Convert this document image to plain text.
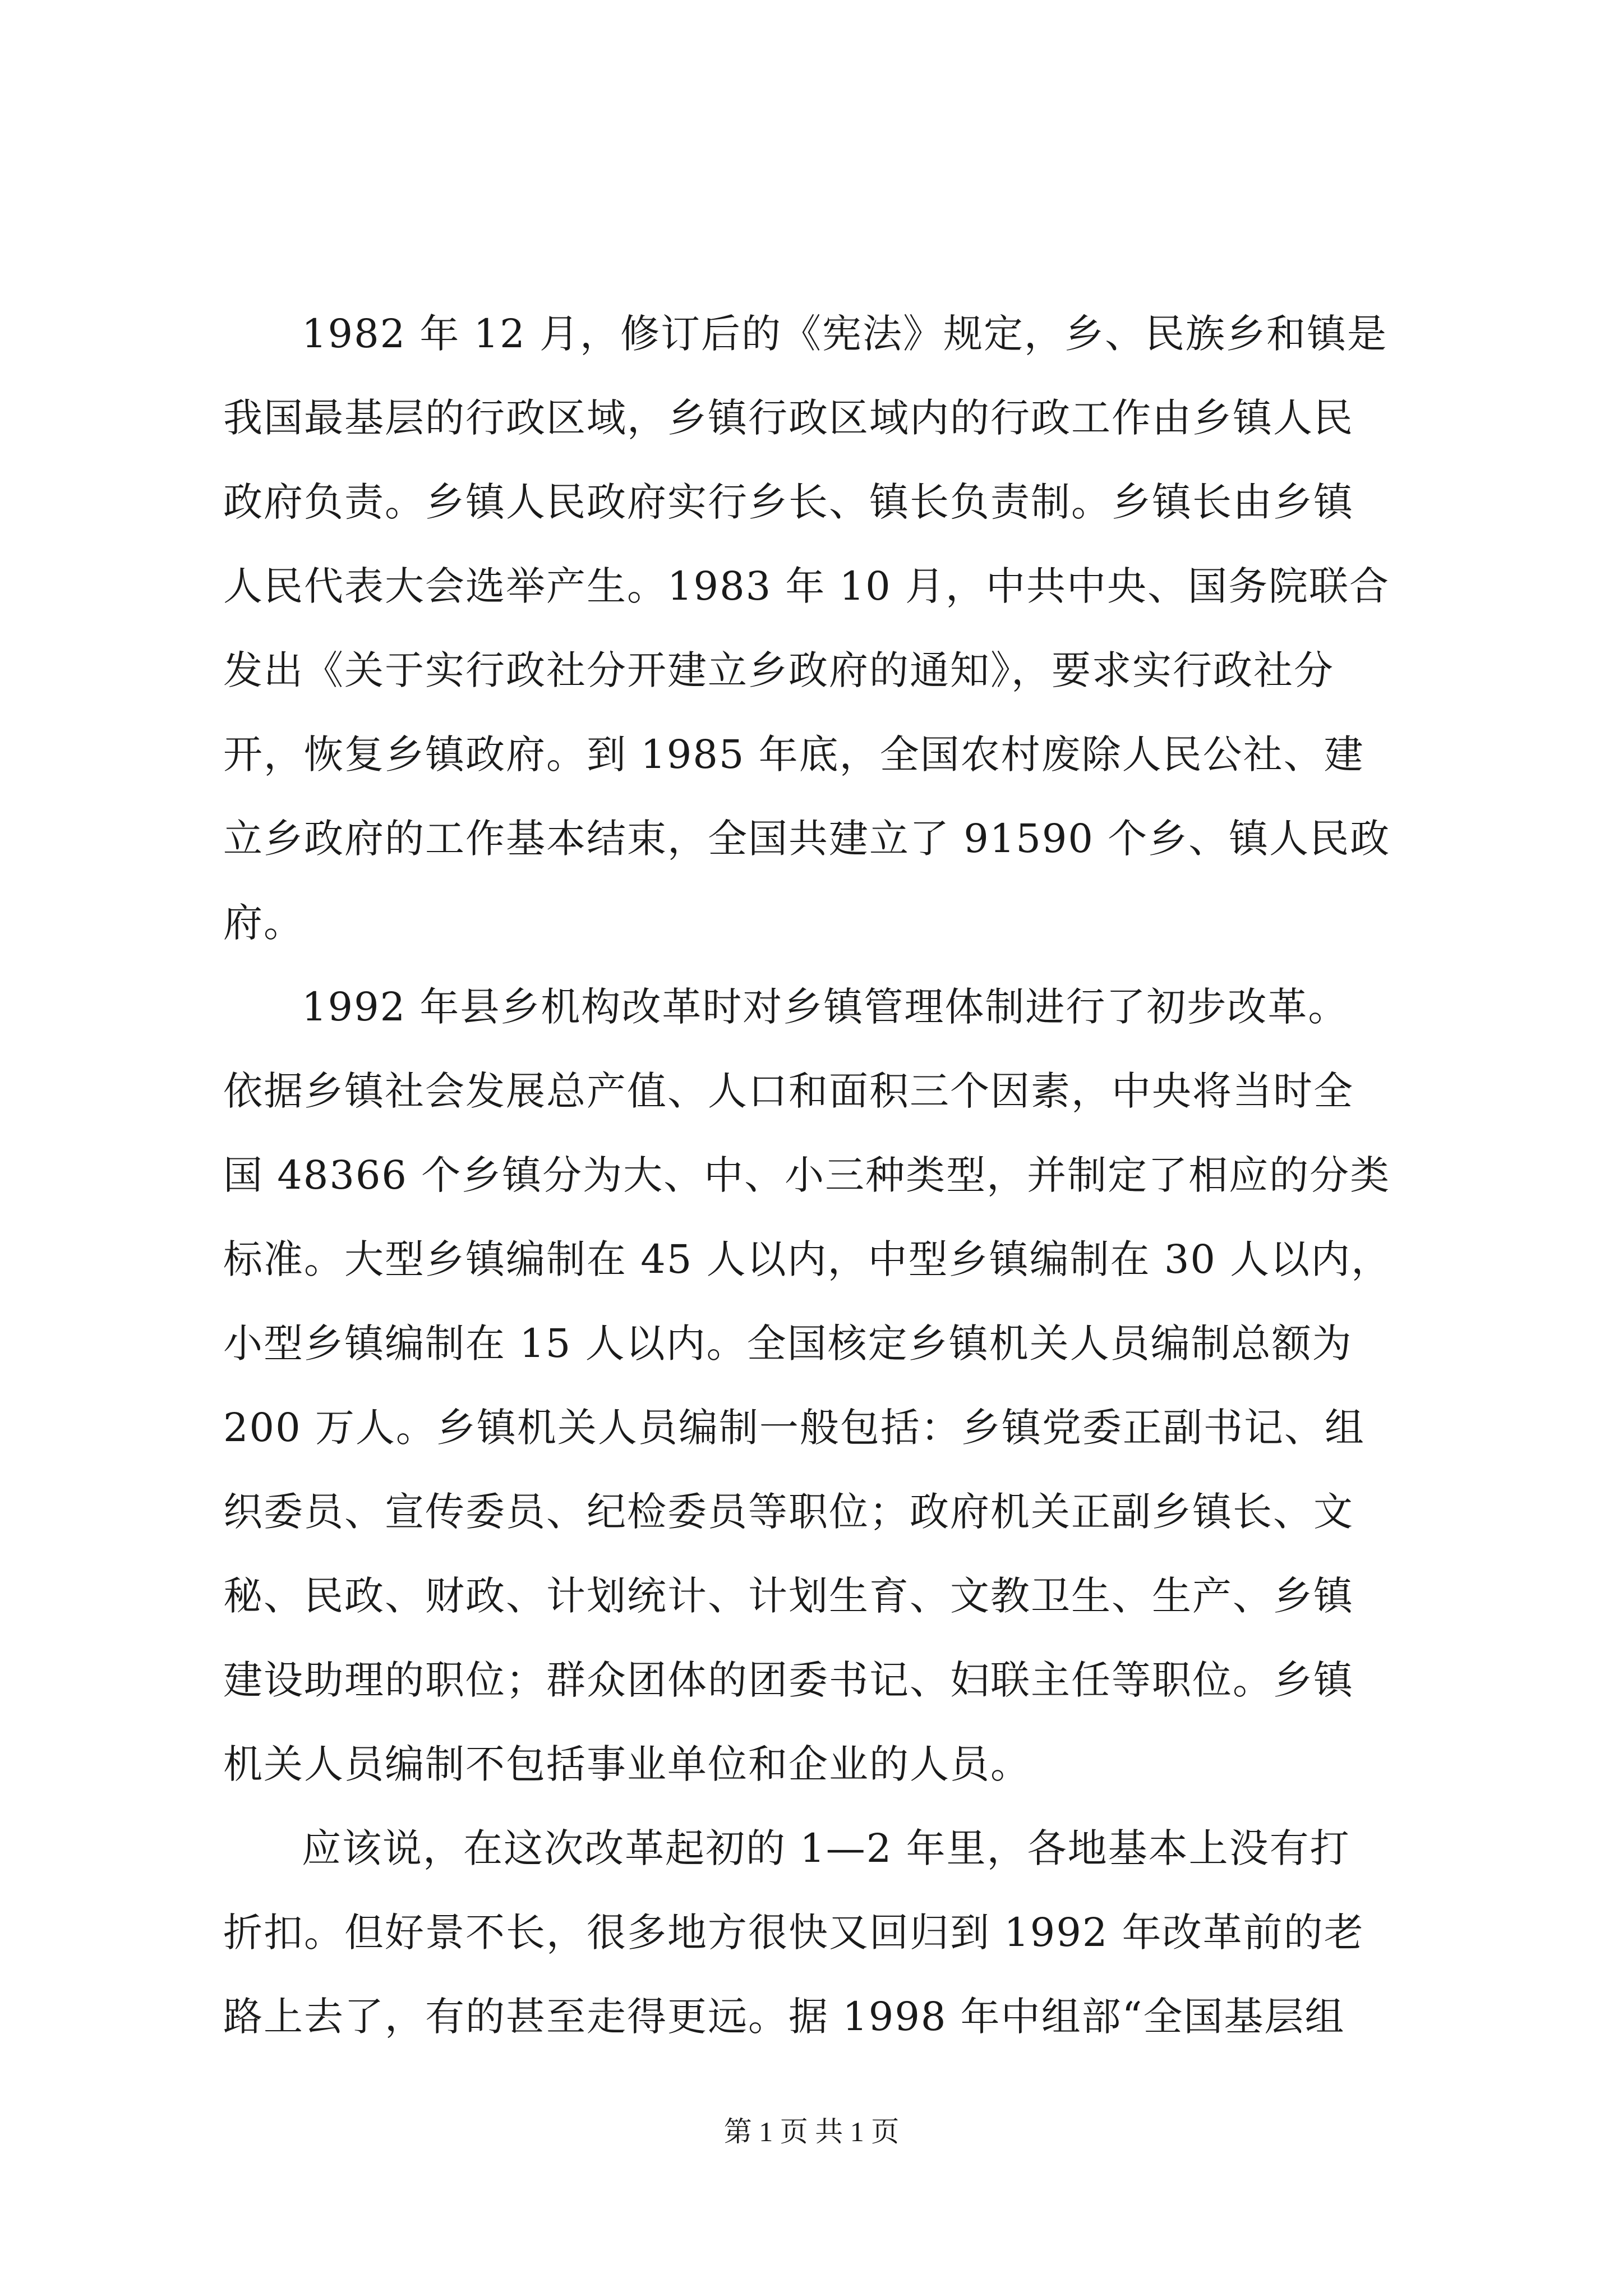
1982 年 12 月，修订后的《宪法》规定，乡、民族乡和镇是
我国最基层的行政区域，乡镇行政区域内的行政工作由乡镇人民
政府负责。乡镇人民政府实行乡长、镇长负责制。乡镇长由乡镇
人民代表大会选举产生。1983 年 10 月，中共中央、国务院联合
发出《关于实行政社分开建立乡政府的通知》，要求实行政社分
开，恢复乡镇政府。到 1985 年底，全国农村废除人民公社、建
立乡政府的工作基本结束，全国共建立了 91590 个乡、镇人民政
府。
1992 年县乡机构改革时对乡镇管理体制进行了初步改革。
依据乡镇社会发展总产值、人口和面积三个因素，中央将当时全
国 48366 个乡镇分为大、中、小三种类型，并制定了相应的分类
标准。大型乡镇编制在 45 人以内，中型乡镇编制在 30 人以内，
小型乡镇编制在 15 人以内。全国核定乡镇机关人员编制总额为
200 万人。乡镇机关人员编制一般包括：乡镇党委正副书记、组
织委员、宣传委员、纪检委员等职位；政府机关正副乡镇长、文
秘、民政、财政、计划统计、计划生育、文教卫生、生产、乡镇
建设助理的职位；群众团体的团委书记、妇联主任等职位。乡镇
机关人员编制不包括事业单位和企业的人员。
应该说，在这次改革起初的 1—2 年里，各地基本上没有打
折扣。但好景不长，很多地方很快又回归到 1992 年改革前的老
路上去了，有的甚至走得更远。据 1998 年中组部“全国基层组
第 1 页 共 1 页
